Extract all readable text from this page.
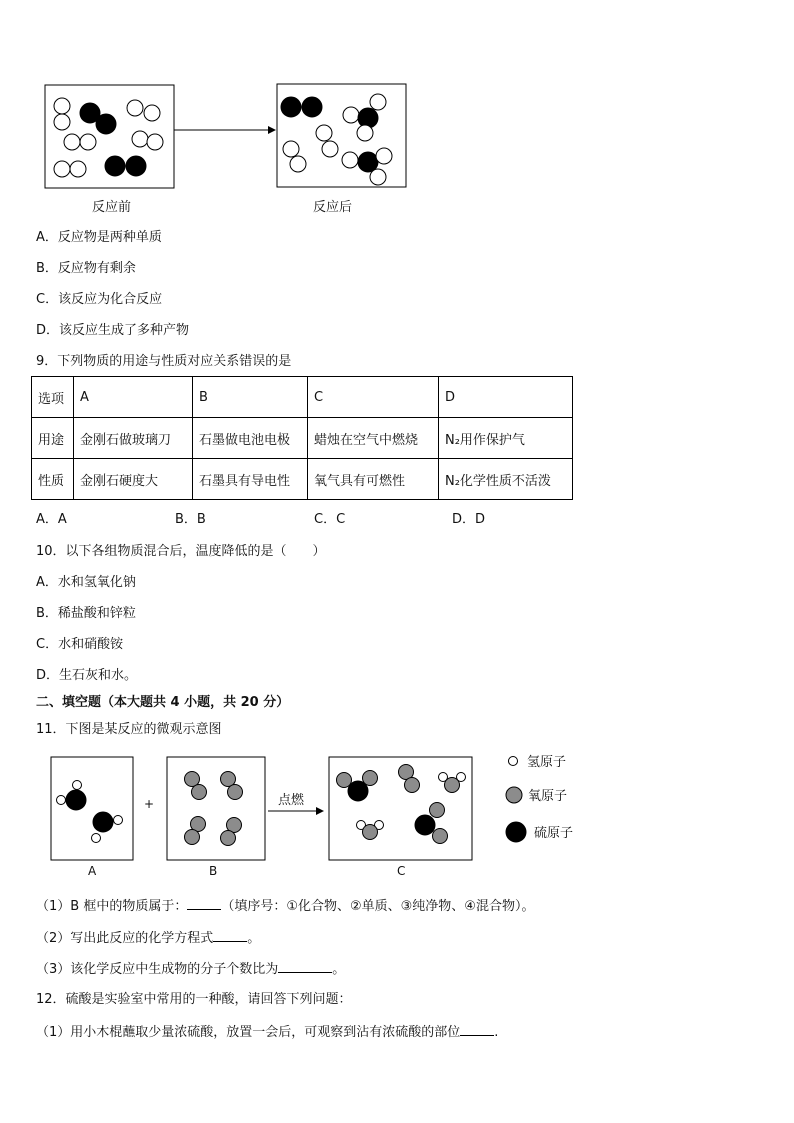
反应前	反应后
A．反应物是两种单质
B．反应物有剩余
C．该反应为化合反应
D．该反应生成了多种产物
9．下列物质的用途与性质对应关系错误的是
选项	A	B	C	D
用途	金刚石做玻璃刀	石墨做电池电极	蜡烛在空气中燃烧	N₂用作保护气
性质	金刚石硬度大	石墨具有导电性	氧气具有可燃性	N₂化学性质不活泼
A．A	B．B	C．C	D．D
10．以下各组物质混合后，温度降低的是（　　）
A．水和氢氧化钠
B．稀盐酸和锌粒
C．水和硝酸铵
D．生石灰和水。
二、填空题（本大题共 4 小题，共 20 分）
11．下图是某反应的微观示意图
+	点燃
A	B	C
氢原子
氧原子
硫原子
（1）B 框中的物质属于：	（填序号：①化合物、②单质、③纯净物、④混合物）。
（2）写出此反应的化学方程式	。
（3）该化学反应中生成物的分子个数比为	。
12．硫酸是实验室中常用的一种酸，请回答下列问题：
（1）用小木棍蘸取少量浓硫酸，放置一会后，可观察到沾有浓硫酸的部位	.
